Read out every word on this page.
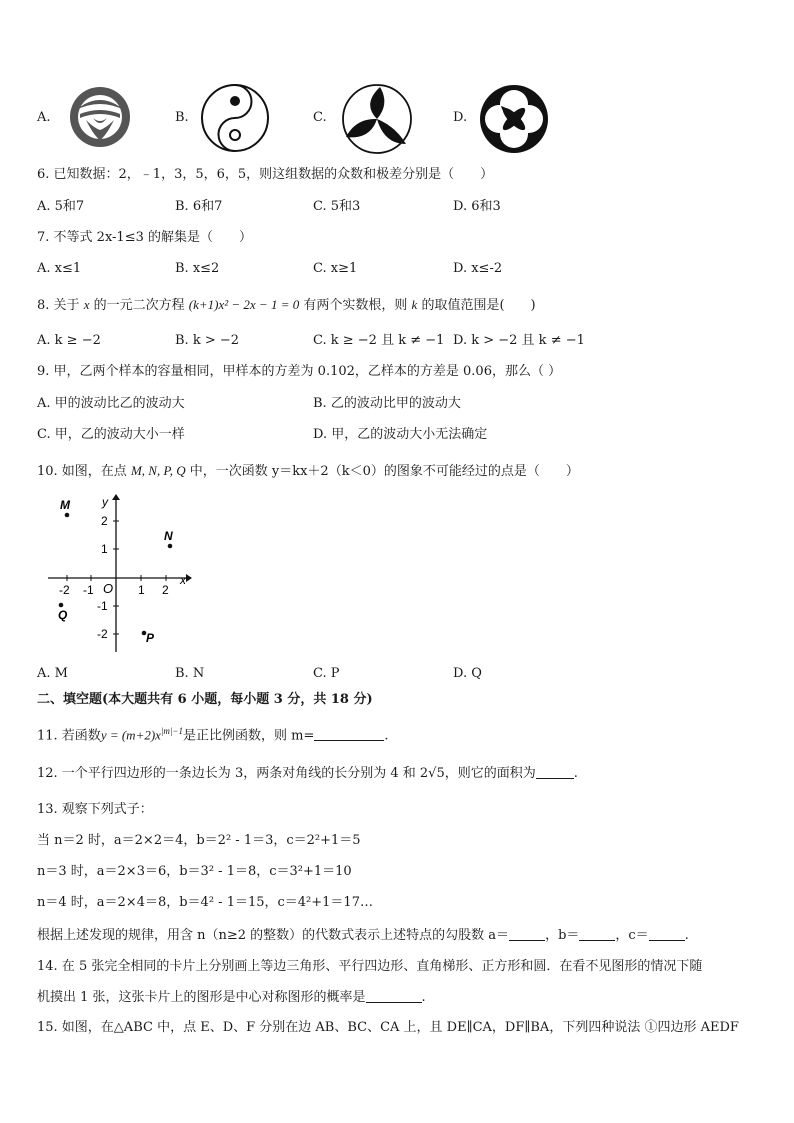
A.	B.	C.	D.
6. 已知数据：2，﹣1，3，5，6，5，则这组数据的众数和极差分别是（　　）
A. 5和7	B. 6和7	C. 5和3	D. 6和3
7. 不等式 2x-1≤3 的解集是（　　）
A. x≤1	B. x≤2	C. x≥1	D. x≤-2
8. 关于 x 的一元二次方程 (k+1)x² − 2x − 1 = 0 有两个实数根，则 k 的取值范围是(　　)
A. k ≥ −2	B. k > −2	C. k ≥ −2 且 k ≠ −1 D. k > −2 且 k ≠ −1
9. 甲，乙两个样本的容量相同，甲样本的方差为 0.102，乙样本的方差是 0.06，那么（ ）
A. 甲的波动比乙的波动大	B. 乙的波动比甲的波动大
C. 甲，乙的波动大小一样	D. 甲，乙的波动大小无法确定
10. 如图，在点 M, N, P, Q 中，一次函数 y＝kx＋2（k＜0）的图象不可能经过的点是（　　）
x
y
O
-2 -1	1 2
2
1
-1
-2
M
N
P
Q
A. M	B. N	C. P	D. Q
二、填空题(本大题共有 6 小题，每小题 3 分，共 18 分)
11. 若函数$y = (m+2)x^{|m|-1}$是正比例函数，则 m=	.
12. 一个平行四边形的一条边长为 3，两条对角线的长分别为 4 和 2√5，则它的面积为	.
13. 观察下列式子：
当 n＝2 时，a＝2×2＝4，b＝2² - 1＝3，c＝2²+1＝5
n＝3 时，a＝2×3＝6，b＝3² - 1＝8，c＝3²+1＝10
n＝4 时，a＝2×4＝8，b＝4² - 1＝15，c＝4²+1＝17…
根据上述发现的规律，用含 n（n≥2 的整数）的代数式表示上述特点的勾股数 a＝	，b＝	，c＝	.
14. 在 5 张完全相同的卡片上分别画上等边三角形、平行四边形、直角梯形、正方形和圆．在看不见图形的情况下随
机摸出 1 张，这张卡片上的图形是中心对称图形的概率是	.
15. 如图，在△ABC 中，点 E、D、F 分别在边 AB、BC、CA 上，且 DE∥CA，DF∥BA，下列四种说法 ①四边形 AEDF
